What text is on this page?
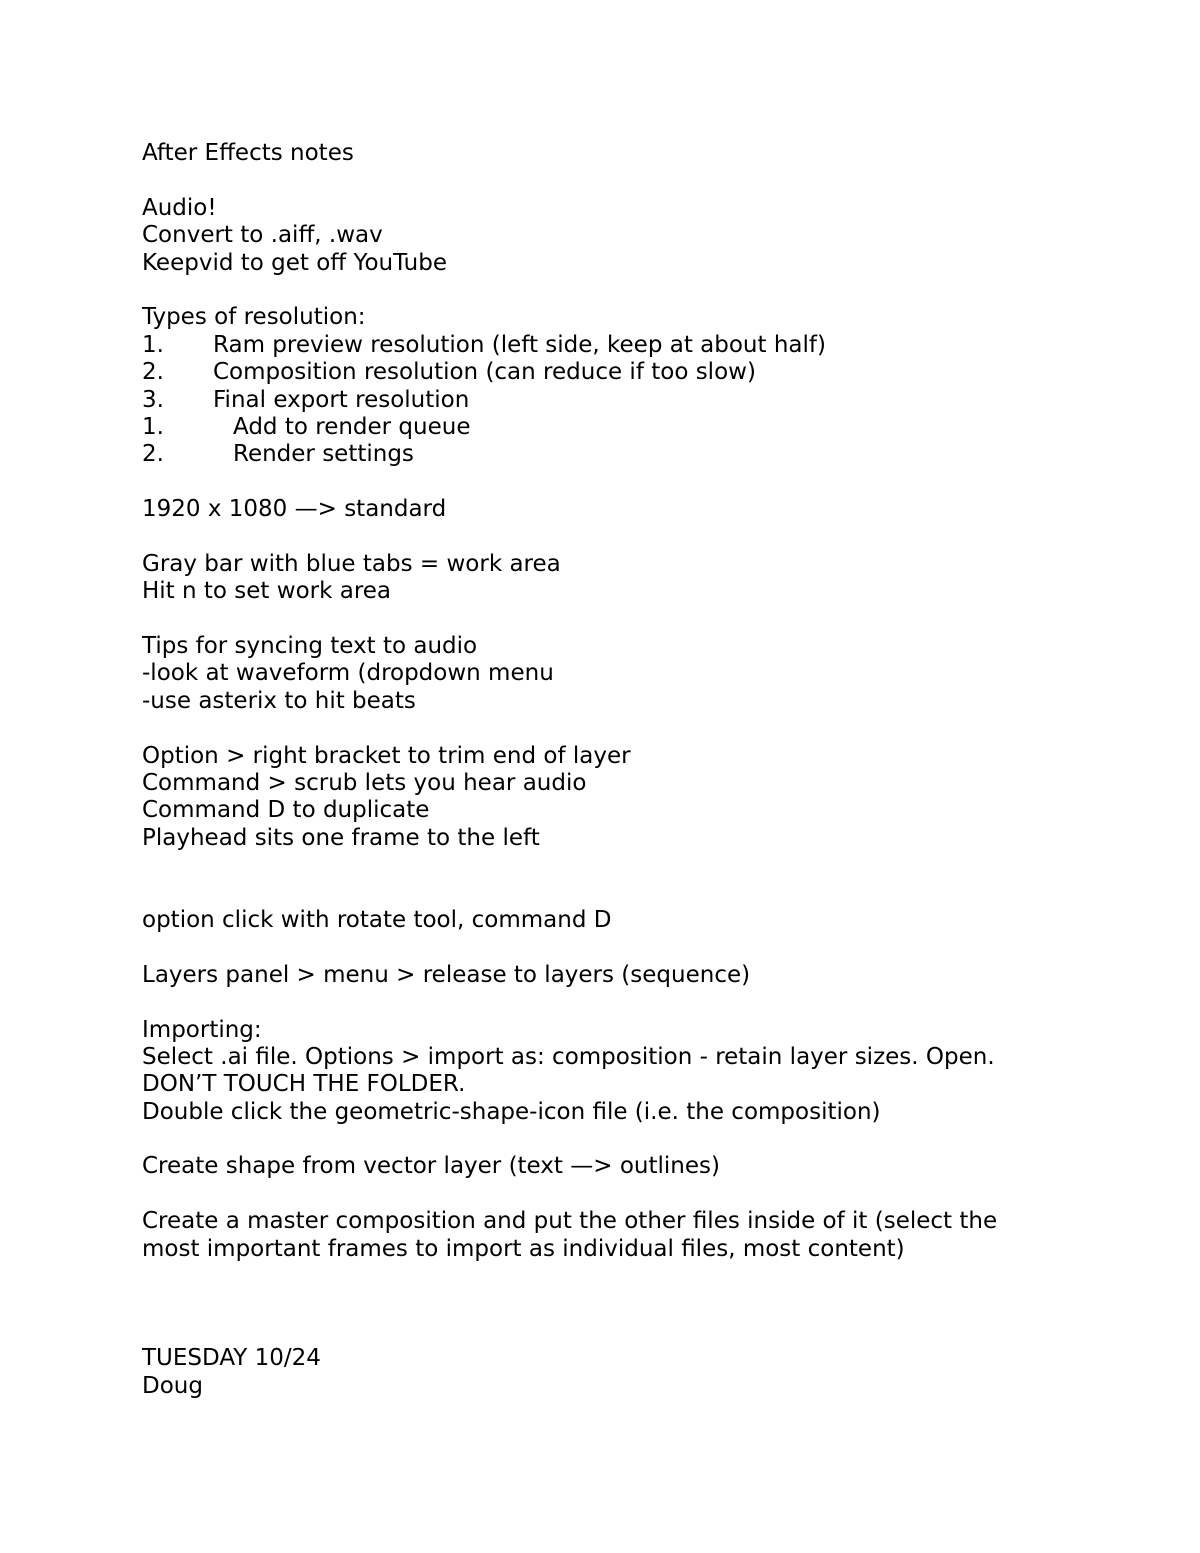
After Effects notes
Audio!
Convert to .aiff, .wav
Keepvid to get off YouTube
Types of resolution:
1. Ram preview resolution (left side, keep at about half)
2. Composition resolution (can reduce if too slow)
3. Final export resolution
1.	Add to render queue
2.	Render settings
1920 x 1080 —> standard
Gray bar with blue tabs = work area
Hit n to set work area
Tips for syncing text to audio
-look at waveform (dropdown menu
-use asterix to hit beats
Option > right bracket to trim end of layer
Command > scrub lets you hear audio
Command D to duplicate
Playhead sits one frame to the left
option click with rotate tool, command D
Layers panel > menu > release to layers (sequence)
Importing:
Select .ai file. Options > import as: composition - retain layer sizes. Open.
DON’T TOUCH THE FOLDER.
Double click the geometric-shape-icon file (i.e. the composition)
Create shape from vector layer (text —> outlines)
Create a master composition and put the other files inside of it (select the
most important frames to import as individual files, most content)
TUESDAY 10/24
Doug
